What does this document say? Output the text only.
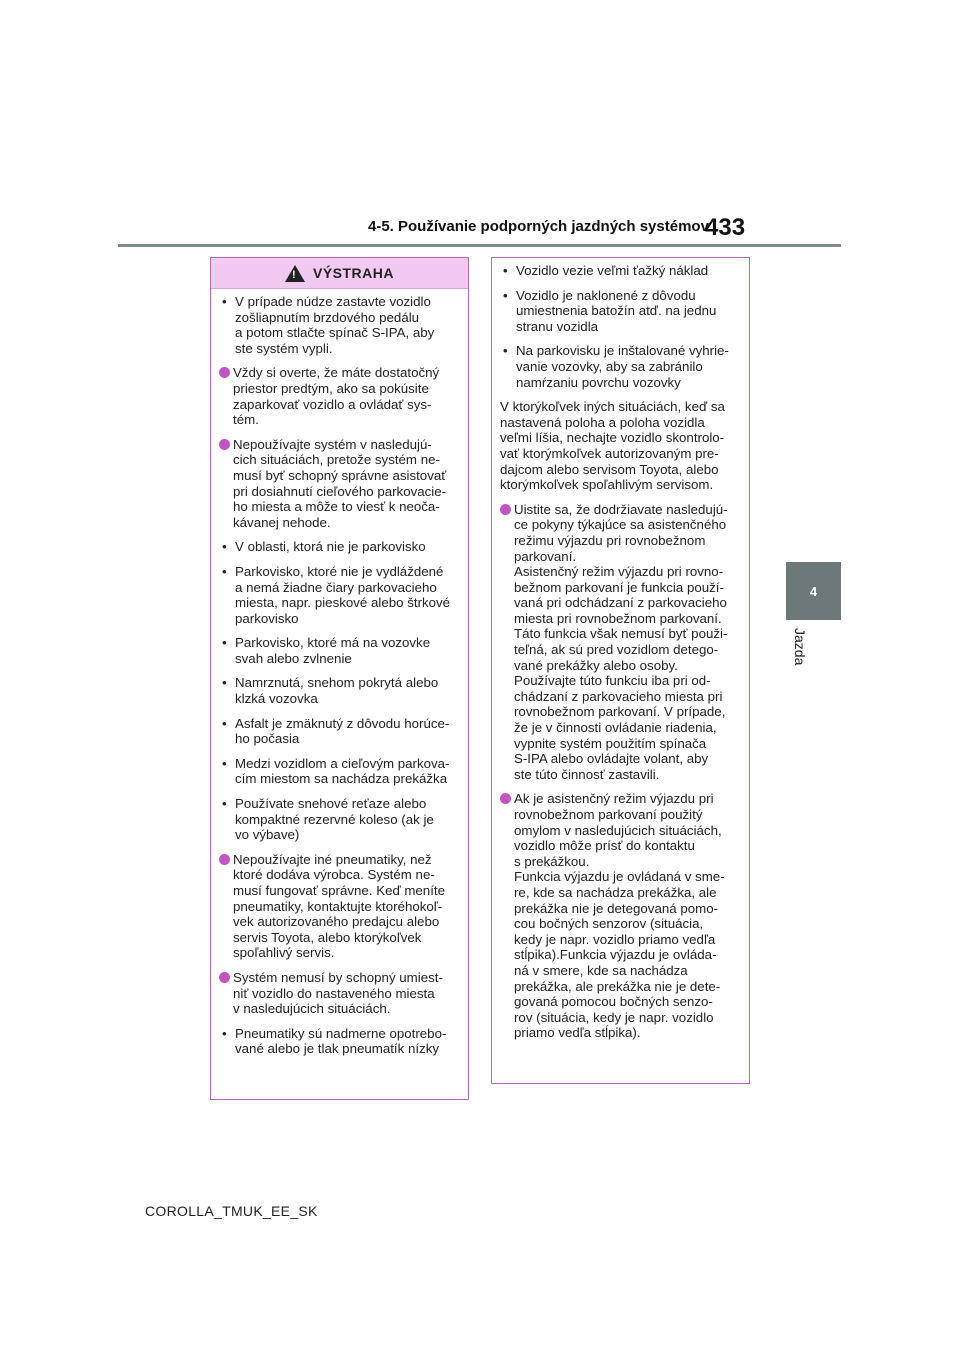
4-5. Používanie podporných jazdných systémov
433
4
Jazda
!
VÝSTRAHA
• V prípade núdze zastavte vozidlo
zošliapnutím brzdového pedálu
a potom stlačte spínač S-IPA, aby
ste systém vypli.
Vždy si overte, že máte dostatočný
priestor predtým, ako sa pokúsite
zaparkovať vozidlo a ovládať sys-
tém.
Nepoužívajte systém v nasledujú-
cich situáciách, pretože systém ne-
musí byť schopný správne asistovať
pri dosiahnutí cieľového parkovacie-
ho miesta a môže to viesť k neoča-
kávanej nehode.
• V oblasti, ktorá nie je parkovisko
• Parkovisko, ktoré nie je vydláždené
a nemá žiadne čiary parkovacieho
miesta, napr. pieskové alebo štrkové
parkovisko
• Parkovisko, ktoré má na vozovke
svah alebo zvlnenie
• Namrznutá, snehom pokrytá alebo
klzká vozovka
• Asfalt je zmäknutý z dôvodu horúce-
ho počasia
• Medzi vozidlom a cieľovým parkova-
cím miestom sa nachádza prekážka
• Používate snehové reťaze alebo
kompaktné rezervné koleso (ak je
vo výbave)
Nepoužívajte iné pneumatiky, než
ktoré dodáva výrobca. Systém ne-
musí fungovať správne. Keď meníte
pneumatiky, kontaktujte ktoréhokoľ-
vek autorizovaného predajcu alebo
servis Toyota, alebo ktorýkoľvek
spoľahlivý servis.
Systém nemusí by schopný umiest-
niť vozidlo do nastaveného miesta
v nasledujúcich situáciách.
• Pneumatiky sú nadmerne opotrebo-
vané alebo je tlak pneumatík nízky
• Vozidlo vezie veľmi ťažký náklad
• Vozidlo je naklonené z dôvodu
umiestnenia batožín atď. na jednu
stranu vozidla
• Na parkovisku je inštalované vyhrie-
vanie vozovky, aby sa zabránilo
namŕzaniu povrchu vozovky
V ktorýkoľvek iných situáciách, keď sa
nastavená poloha a poloha vozidla
veľmi líšia, nechajte vozidlo skontrolo-
vať ktorýmkoľvek autorizovaným pre-
dajcom alebo servisom Toyota, alebo
ktorýmkoľvek spoľahlivým servisom.
Uistite sa, že dodržiavate nasledujú-
ce pokyny týkajúce sa asistenčného
režimu výjazdu pri rovnobežnom
parkovaní.
Asistenčný režim výjazdu pri rovno-
bežnom parkovaní je funkcia použí-
vaná pri odchádzaní z parkovacieho
miesta pri rovnobežnom parkovaní.
Táto funkcia však nemusí byť použi-
teľná, ak sú pred vozidlom detego-
vané prekážky alebo osoby.
Používajte túto funkciu iba pri od-
chádzaní z parkovacieho miesta pri
rovnobežnom parkovaní. V prípade,
že je v činnosti ovládanie riadenia,
vypnite systém použitím spínača
S-IPA alebo ovládajte volant, aby
ste túto činnosť zastavili.
Ak je asistenčný režim výjazdu pri
rovnobežnom parkovaní použitý
omylom v nasledujúcich situáciách,
vozidlo môže prísť do kontaktu
s prekážkou.
Funkcia výjazdu je ovládaná v sme-
re, kde sa nachádza prekážka, ale
prekážka nie je detegovaná pomo-
cou bočných senzorov (situácia,
kedy je napr. vozidlo priamo vedľa
stĺpika).Funkcia výjazdu je ovláda-
ná v smere, kde sa nachádza
prekážka, ale prekážka nie je dete-
govaná pomocou bočných senzo-
rov (situácia, kedy je napr. vozidlo
priamo vedľa stĺpika).
COROLLA_TMUK_EE_SK
